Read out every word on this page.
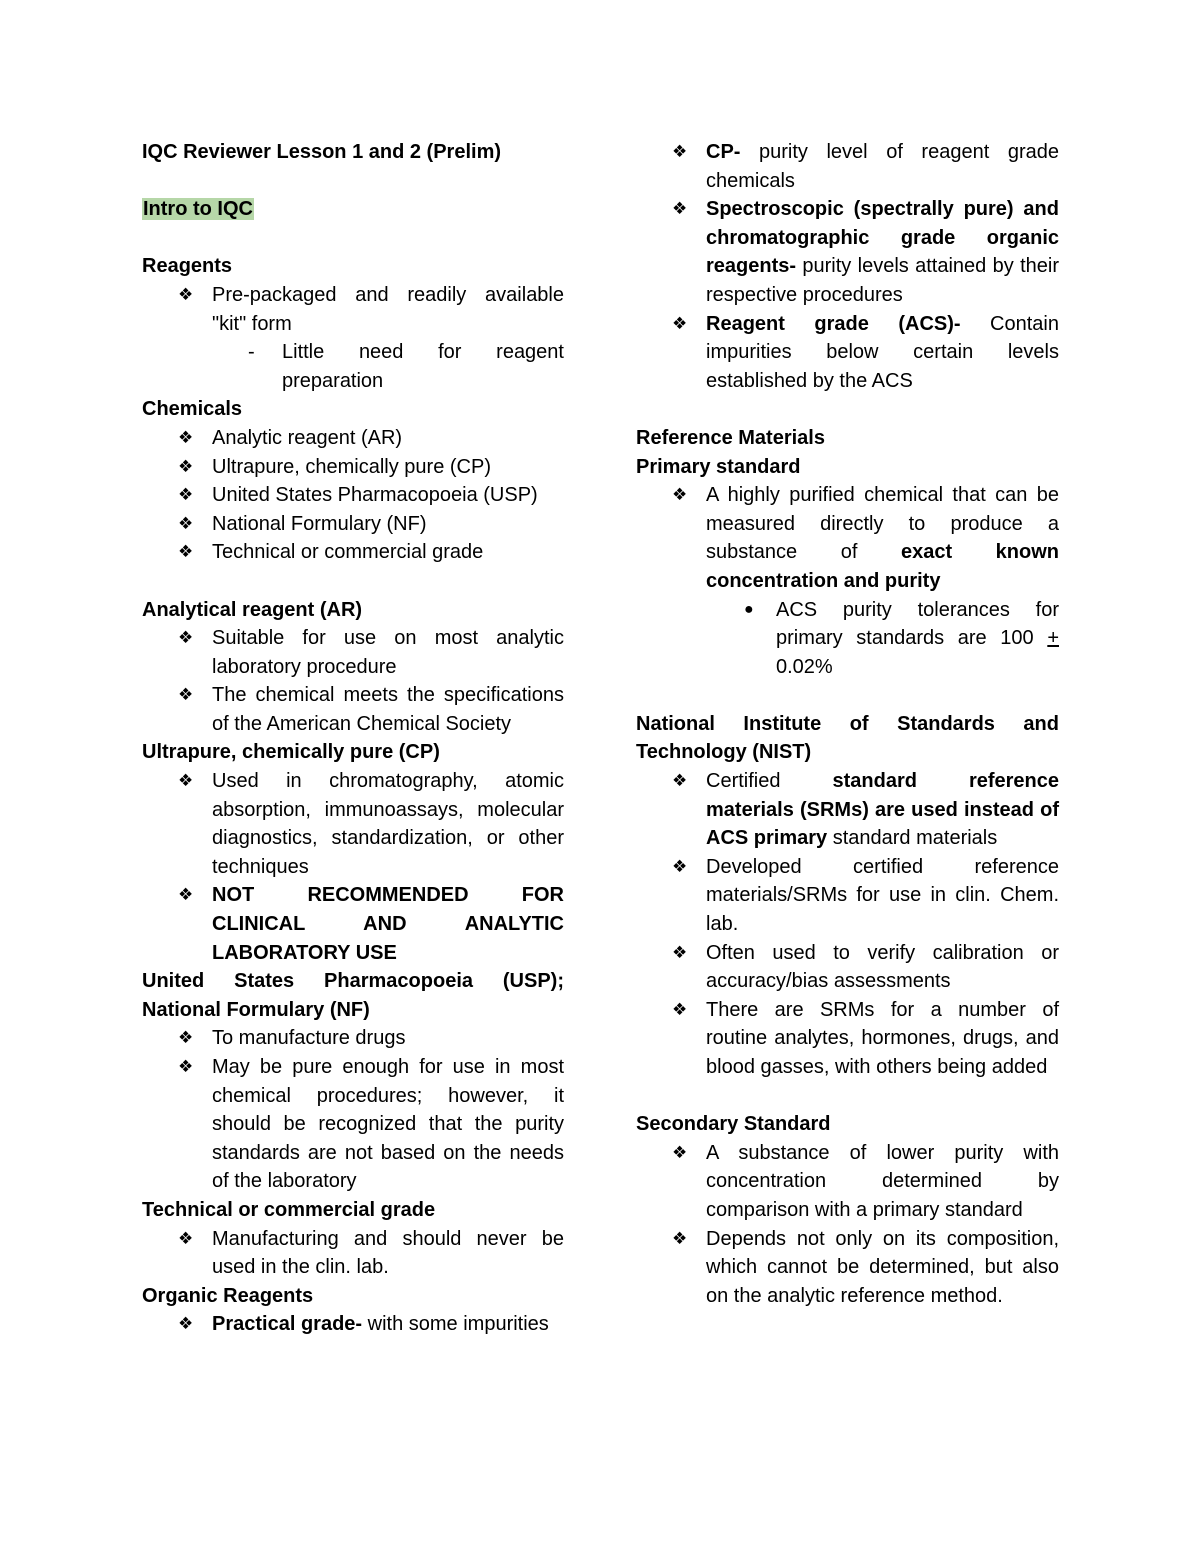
IQC Reviewer Lesson 1 and 2 (Prelim)

Intro to IQC

Reagents

❖ Pre-packaged and readily available "kit" form
- Little need for reagent preparation

Chemicals

❖ Analytic reagent (AR)
❖ Ultrapure, chemically pure (CP)
❖ United States Pharmacopoeia (USP)
❖ National Formulary (NF)
❖ Technical or commercial grade

Analytical reagent (AR)

❖ Suitable for use on most analytic laboratory procedure
❖ The chemical meets the specifications of the American Chemical Society

Ultrapure, chemically pure (CP)

❖ Used in chromatography, atomic absorption, immunoassays, molecular diagnostics, standardization, or other techniques
❖ NOT RECOMMENDED FOR CLINICAL AND ANALYTIC LABORATORY USE

United States Pharmacopoeia (USP); National Formulary (NF)

❖ To manufacture drugs
❖ May be pure enough for use in most chemical procedures; however, it should be recognized that the purity standards are not based on the needs of the laboratory

Technical or commercial grade

❖ Manufacturing and should never be used in the clin. lab.

Organic Reagents

❖ Practical grade- with some impurities
❖ CP- purity level of reagent grade chemicals
❖ Spectroscopic (spectrally pure) and chromatographic grade organic reagents- purity levels attained by their respective procedures
❖ Reagent grade (ACS)- Contain impurities below certain levels established by the ACS

Reference Materials

Primary standard

❖ A highly purified chemical that can be measured directly to produce a substance of exact known concentration and purity
● ACS purity tolerances for primary standards are 100 + 0.02%

National Institute of Standards and Technology (NIST)

❖ Certified standard reference materials (SRMs) are used instead of ACS primary standard materials
❖ Developed certified reference materials/SRMs for use in clin. Chem. lab.
❖ Often used to verify calibration or accuracy/bias assessments
❖ There are SRMs for a number of routine analytes, hormones, drugs, and blood gasses, with others being added

Secondary Standard

❖ A substance of lower purity with concentration determined by comparison with a primary standard
❖ Depends not only on its composition, which cannot be determined, but also on the analytic reference method.
